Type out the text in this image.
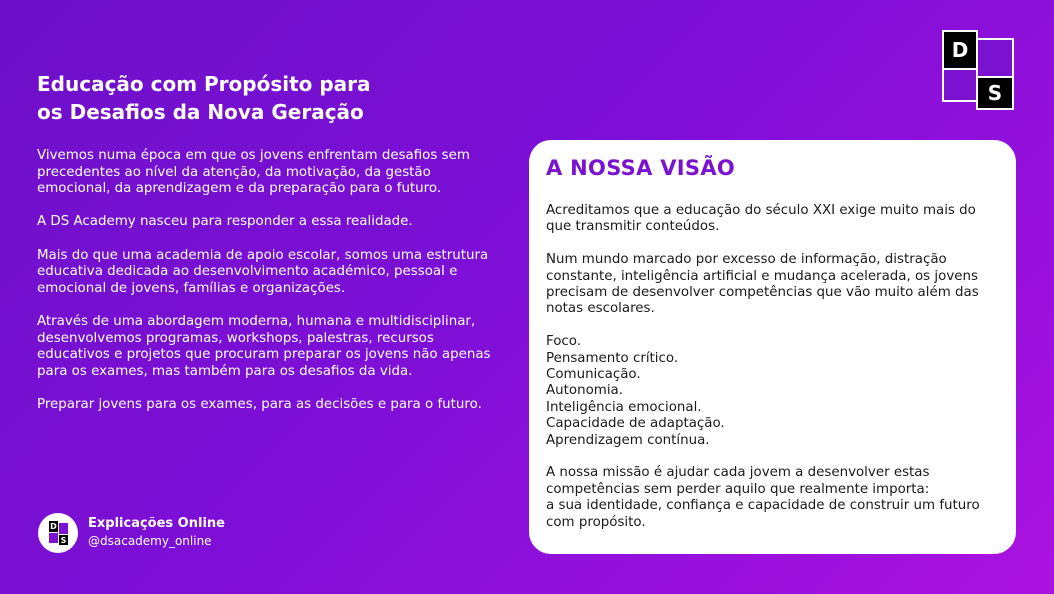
Educação com Propósito para
os Desafios da Nova Geração

Vivemos numa época em que os jovens enfrentam desafios sem precedentes ao nível da atenção, da motivação, da gestão emocional, da aprendizagem e da preparação para o futuro.

A DS Academy nasceu para responder a essa realidade.

Mais do que uma academia de apoio escolar, somos uma estrutura educativa dedicada ao desenvolvimento académico, pessoal e emocional de jovens, famílias e organizações.

Através de uma abordagem moderna, humana e multidisciplinar, desenvolvemos programas, workshops, palestras, recursos educativos e projetos que procuram preparar os jovens não apenas para os exames, mas também para os desafios da vida.

Preparar jovens para os exames, para as decisões e para o futuro.

D
S
A NOSSA VISÃO

Acreditamos que a educação do século XXI exige muito mais do que transmitir conteúdos.

Num mundo marcado por excesso de informação, distração constante, inteligência artificial e mudança acelerada, os jovens precisam de desenvolver competências que vão muito além das notas escolares.

Foco.
Pensamento crítico.
Comunicação.
Autonomia.
Inteligência emocional.
Capacidade de adaptação.
Aprendizagem contínua.
A nossa missão é ajudar cada jovem a desenvolver estas competências sem perder aquilo que realmente importa:
a sua identidade, confiança e capacidade de construir um futuro com propósito.
D
S
Explicações Online
@dsacademy_online
